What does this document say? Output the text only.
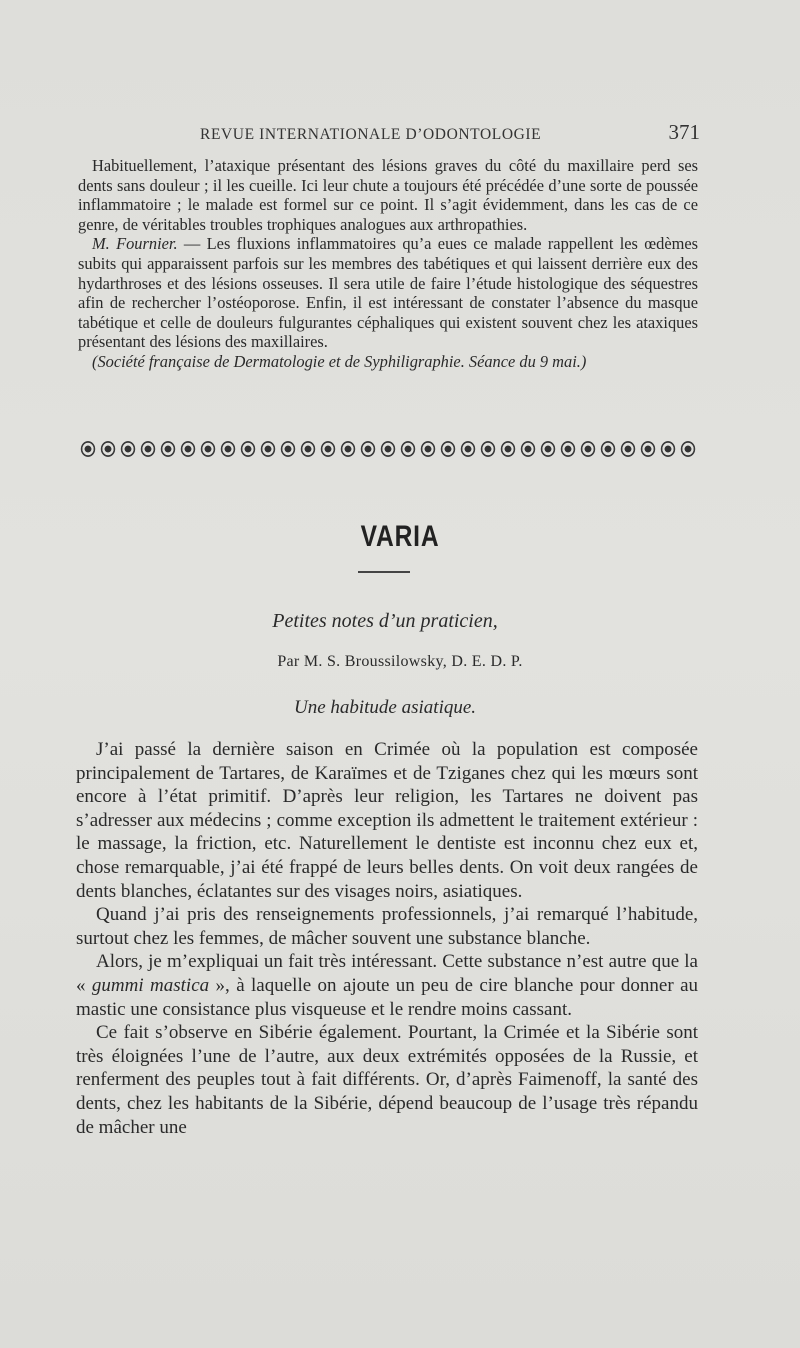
REVUE INTERNATIONALE D’ODONTOLOGIE	371

Habituellement, l’ataxique présentant des lésions graves du côté du maxillaire perd ses dents sans douleur ; il les cueille. Ici leur chute a toujours été précédée d’une sorte de poussée inflammatoire ; le malade est formel sur ce point. Il s’agit évidemment, dans les cas de ce genre, de véritables troubles trophiques analogues aux arthropathies.

M. Fournier. — Les fluxions inflammatoires qu’a eues ce malade rappellent les œdèmes subits qui apparaissent parfois sur les membres des tabétiques et qui laissent derrière eux des hydarthroses et des lésions osseuses. Il sera utile de faire l’étude histologique des séquestres afin de rechercher l’ostéoporose. Enfin, il est intéressant de constater l’absence du masque tabétique et celle de douleurs fulgurantes céphaliques qui existent souvent chez les ataxiques présentant des lésions des maxillaires.

(Société française de Dermatologie et de Syphiligraphie. Séance du 9 mai.)

VARIA
Petites notes d’un praticien,
Par M. S. Broussilowsky, D. E. D. P.
Une habitude asiatique.

J’ai passé la dernière saison en Crimée où la population est composée principalement de Tartares, de Karaïmes et de Tziganes chez qui les mœurs sont encore à l’état primitif. D’après leur religion, les Tartares ne doivent pas s’adresser aux médecins ; comme exception ils admettent le traitement extérieur : le massage, la friction, etc. Naturellement le dentiste est inconnu chez eux et, chose remarquable, j’ai été frappé de leurs belles dents. On voit deux rangées de dents blanches, éclatantes sur des visages noirs, asiatiques.

Quand j’ai pris des renseignements professionnels, j’ai remarqué l’habitude, surtout chez les femmes, de mâcher souvent une substance blanche.

Alors, je m’expliquai un fait très intéressant. Cette substance n’est autre que la « gummi mastica », à laquelle on ajoute un peu de cire blanche pour donner au mastic une consistance plus visqueuse et le rendre moins cassant.

Ce fait s’observe en Sibérie également. Pourtant, la Crimée et la Sibérie sont très éloignées l’une de l’autre, aux deux extrémités opposées de la Russie, et renferment des peuples tout à fait différents. Or, d’après Faimenoff, la santé des dents, chez les habitants de la Sibérie, dépend beaucoup de l’usage très répandu de mâcher une
